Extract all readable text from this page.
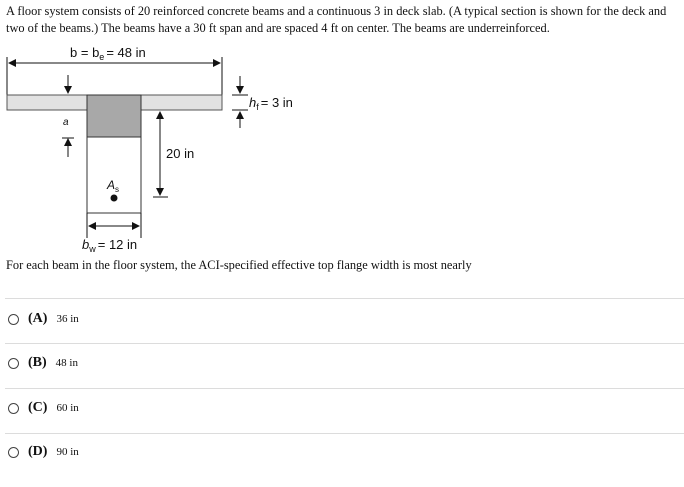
A floor system consists of 20 reinforced concrete beams and a continuous 3 in deck slab. (A typical section is shown for the deck and two of the beams.) The beams have a 30 ft span and are spaced 4 ft on center. The beams are underreinforced.

$b = b_e = 48$ in
a
$h_f = 3$ in
20 in
$A_s$
$b_w = 12$ in

For each beam in the floor system, the ACI-specified effective top flange width is most nearly

(A) 36 in
(B) 48 in
(C) 60 in
(D) 90 in
